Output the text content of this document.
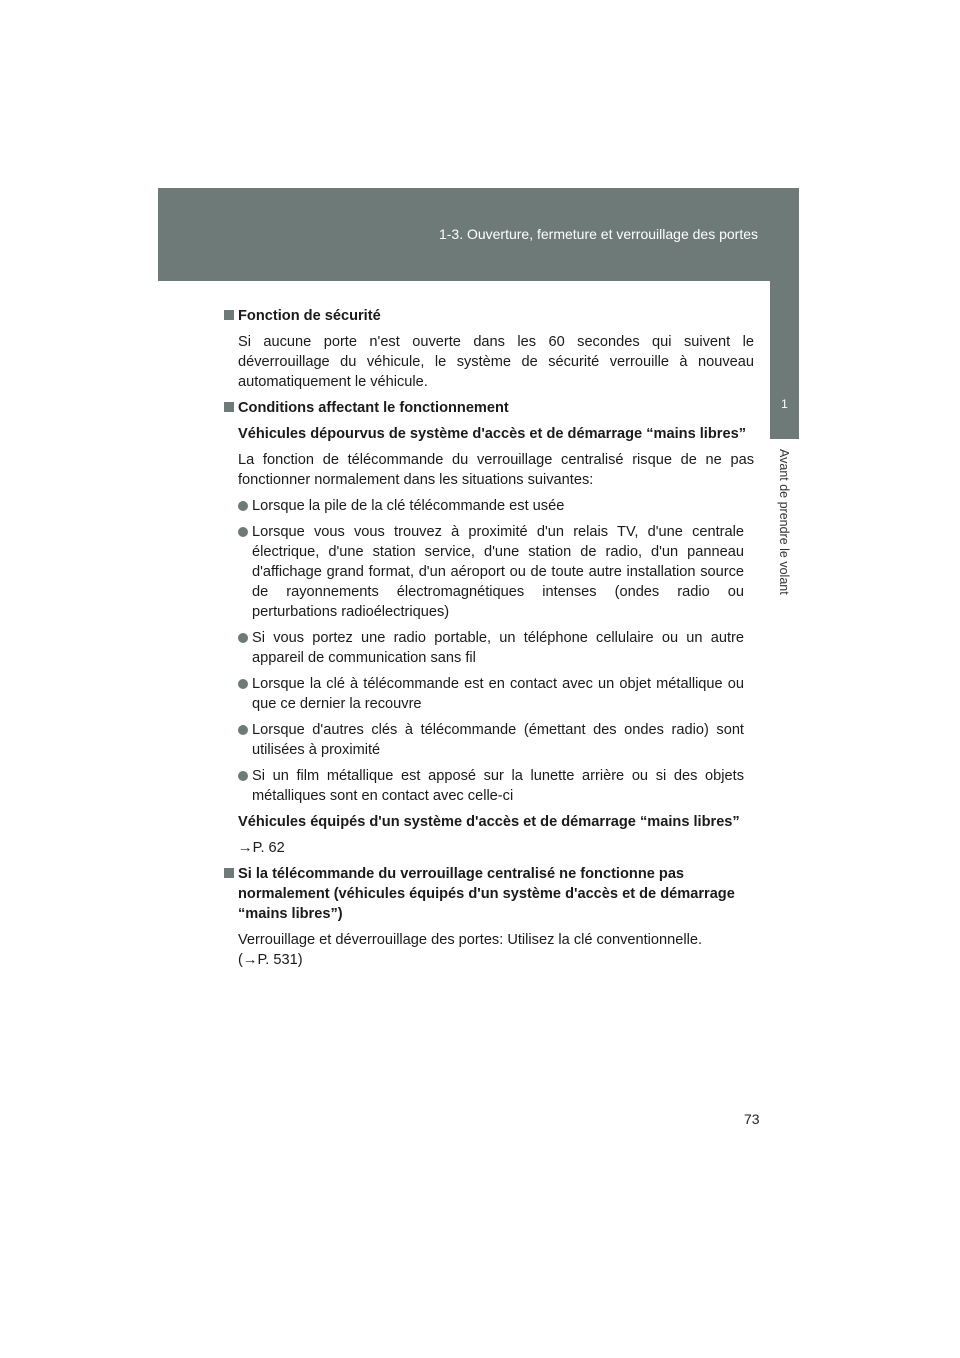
1-3. Ouverture, fermeture et verrouillage des portes
1
Avant de prendre le volant
Fonction de sécurité
Si aucune porte n'est ouverte dans les 60 secondes qui suivent le déverrouillage du véhicule, le système de sécurité verrouille à nouveau automatiquement le véhicule.
Conditions affectant le fonctionnement
Véhicules dépourvus de système d'accès et de démarrage “mains libres”
La fonction de télécommande du verrouillage centralisé risque de ne pas fonctionner normalement dans les situations suivantes:
Lorsque la pile de la clé télécommande est usée
Lorsque vous vous trouvez à proximité d'un relais TV, d'une centrale électrique, d'une station service, d'une station de radio, d'un panneau d'affichage grand format, d'un aéroport ou de toute autre installation source de rayonnements électromagnétiques intenses (ondes radio ou perturbations radioélectriques)
Si vous portez une radio portable, un téléphone cellulaire ou un autre appareil de communication sans fil
Lorsque la clé à télécommande est en contact avec un objet métallique ou que ce dernier la recouvre
Lorsque d'autres clés à télécommande (émettant des ondes radio) sont utilisées à proximité
Si un film métallique est apposé sur la lunette arrière ou si des objets métalliques sont en contact avec celle-ci
Véhicules équipés d'un système d'accès et de démarrage “mains libres”
→P. 62
Si la télécommande du verrouillage centralisé ne fonctionne pas normalement (véhicules équipés d'un système d'accès et de démarrage “mains libres”)
Verrouillage et déverrouillage des portes: Utilisez la clé conventionnelle.
(→P. 531)
73
